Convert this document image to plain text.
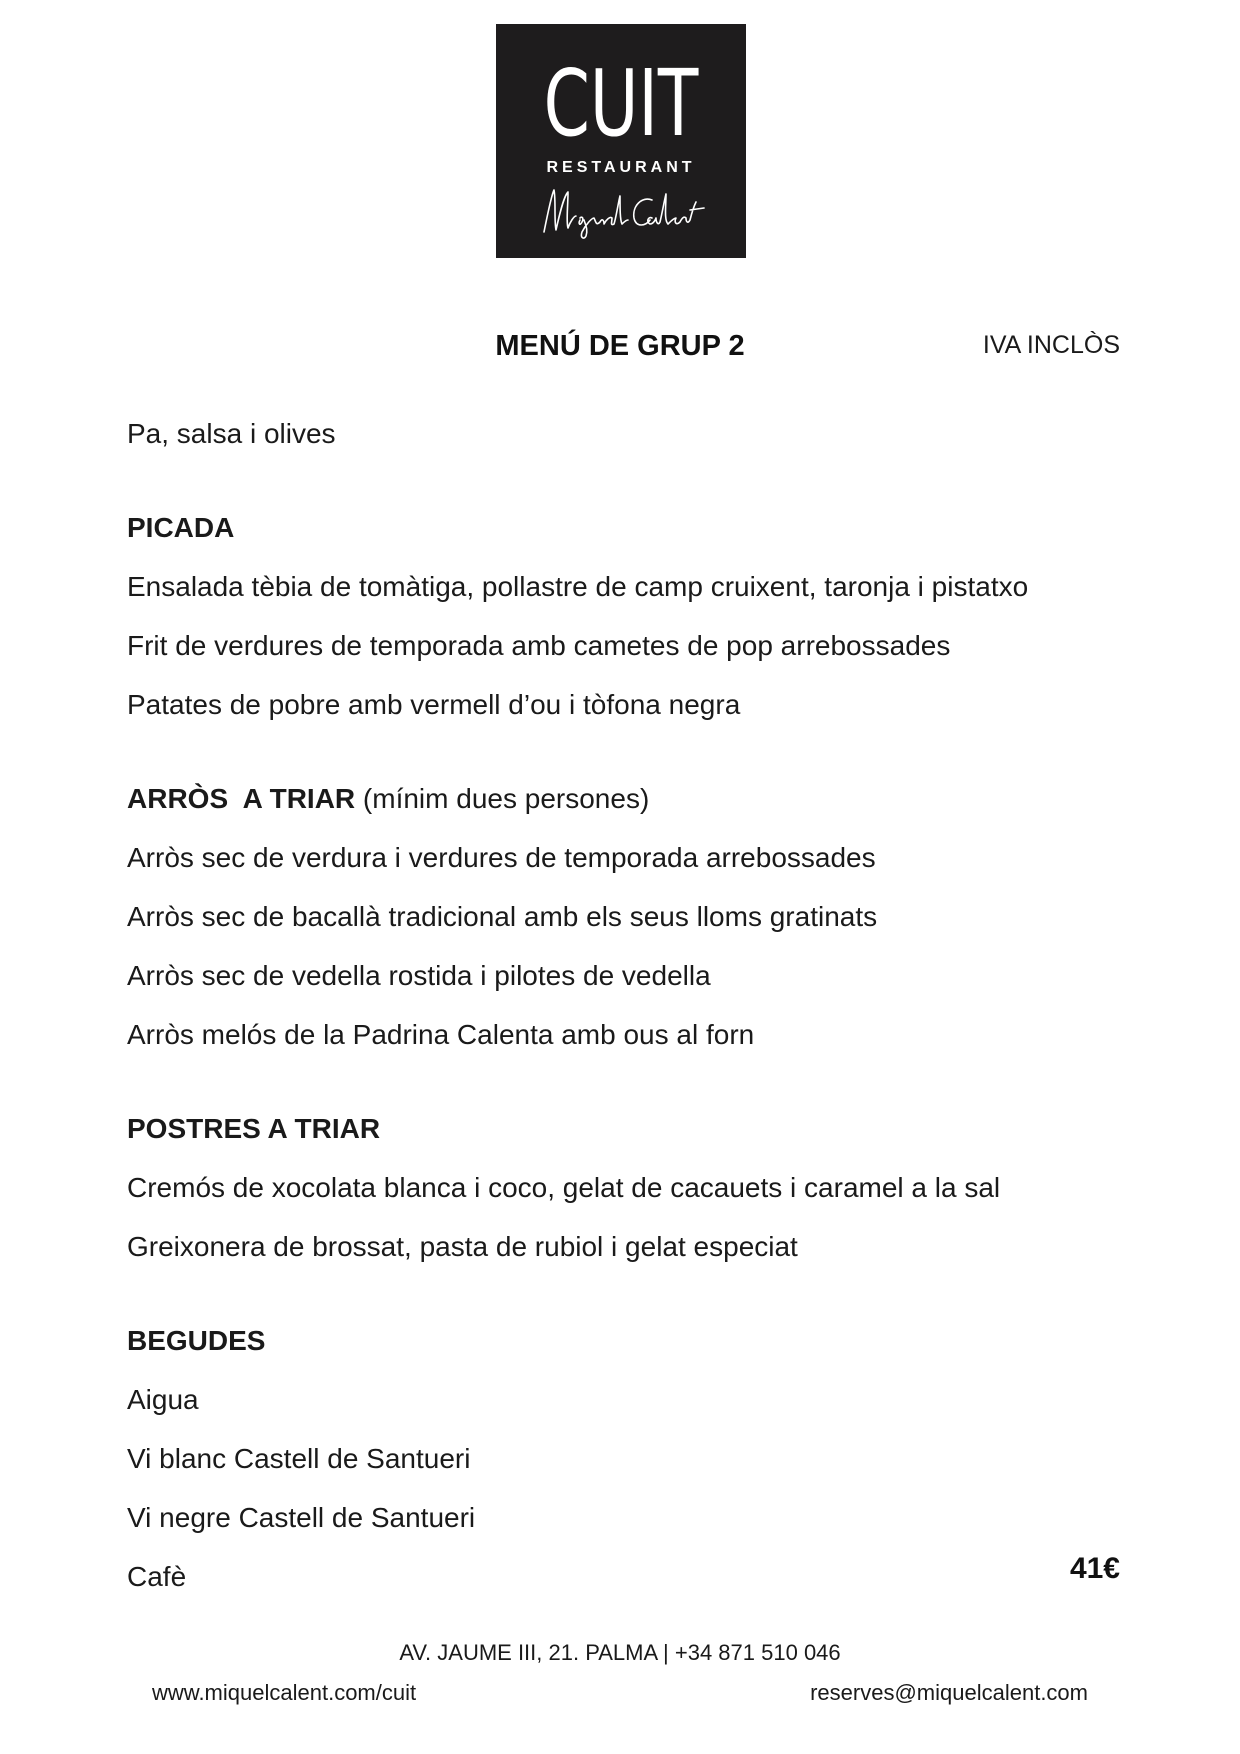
CUIT
RESTAURANT
MENÚ DE GRUP 2	IVA INCLÒS
Pa, salsa i olives
PICADA
Ensalada tèbia de tomàtiga, pollastre de camp cruixent, taronja i pistatxo
Frit de verdures de temporada amb cametes de pop arrebossades
Patates de pobre amb vermell d’ou i tòfona negra
ARRÒS  A TRIAR (mínim dues persones)
Arròs sec de verdura i verdures de temporada arrebossades
Arròs sec de bacallà tradicional amb els seus lloms gratinats
Arròs sec de vedella rostida i pilotes de vedella
Arròs melós de la Padrina Calenta amb ous al forn
POSTRES A TRIAR
Cremós de xocolata blanca i coco, gelat de cacauets i caramel a la sal
Greixonera de brossat, pasta de rubiol i gelat especiat
BEGUDES
Aigua
Vi blanc Castell de Santueri
Vi negre Castell de Santueri
Cafè	41€
AV. JAUME III, 21. PALMA | +34 871 510 046
www.miquelcalent.com/cuit	reserves@miquelcalent.com
